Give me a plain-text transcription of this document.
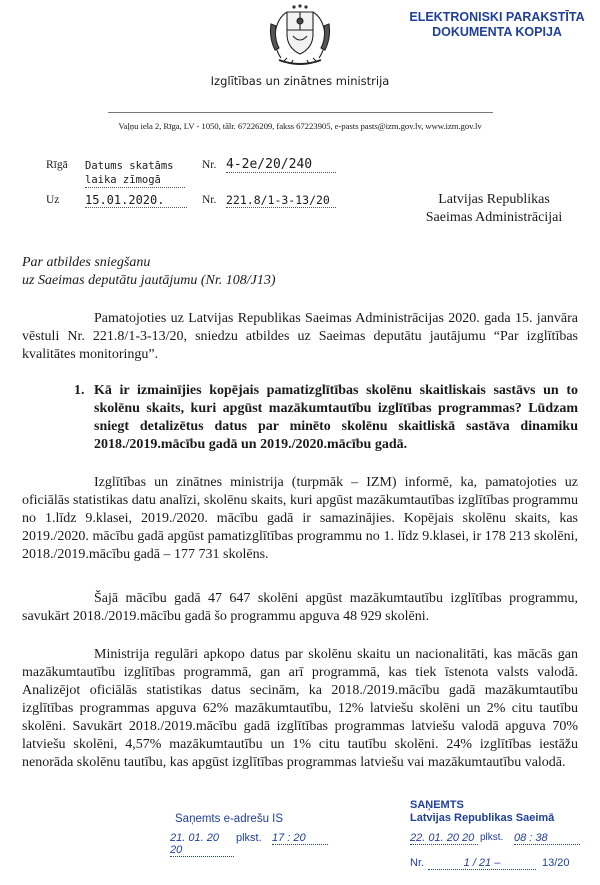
Izglītības un zinātnes ministrija
ELEKTRONISKI PARAKSTĪTA
DOKUMENTA KOPIJA
Vaļņu iela 2, Rīga, LV - 1050, tālr. 67226209, fakss 67223905, e-pasts pasts@izm.gov.lv, www.izm.gov.lv
Rīgā Datums skatāms laika zīmogā
Nr. 4-2e/20/240
Uz 15.01.2020.	Nr. 221.8/1-3-13/20	Latvijas Republikas
Saeimas Administrācijai
Par atbildes sniegšanu
uz Saeimas deputātu jautājumu (Nr. 108/J13)
Pamatojoties uz Latvijas Republikas Saeimas Administrācijas 2020. gada 15. janvāra vēstuli Nr. 221.8/1-3-13/20, sniedzu atbildes uz Saeimas deputātu jautājumu “Par izglītības kvalitātes monitoringu”.
1. Kā ir izmainījies kopējais pamatizglītības skolēnu skaitliskais sastāvs un to skolēnu skaits, kuri apgūst mazākumtautību izglītības programmas? Lūdzam sniegt detalizētus datus par minēto skolēnu skaitliskā sastāva dinamiku 2018./2019.mācību gadā un 2019./2020.mācību gadā.
Izglītības un zinātnes ministrija (turpmāk – IZM) informē, ka, pamatojoties uz oficiālās statistikas datu analīzi, skolēnu skaits, kuri apgūst mazākumtautības izglītības programmu no 1.līdz 9.klasei, 2019./2020. mācību gadā ir samazinājies. Kopējais skolēnu skaits, kas 2019./2020. mācību gadā apgūst pamatizglītības programmu no 1. līdz 9.klasei, ir 178 213 skolēni, 2018./2019.mācību gadā – 177 731 skolēns.
Šajā mācību gadā 47 647 skolēni apgūst mazākumtautību izglītības programmu, savukārt 2018./2019.mācību gadā šo programmu apguva 48 929 skolēni.
Ministrija regulāri apkopo datus par skolēnu skaitu un nacionalitāti, kas mācās gan mazākumtautību izglītības programmā, gan arī programmā, kas tiek īstenota valsts valodā. Analizējot oficiālās statistikas datus secinām, ka 2018./2019.mācību gadā mazākumtautību izglītības programmas apguva 62% mazākumtautību, 12% latviešu skolēni un 2% citu tautību skolēni. Savukārt 2018./2019.mācību gadā izglītības programmas latviešu valodā apguva 70% latviešu skolēni, 4,57% mazākumtautību un 1% citu tautību skolēni. 24% izglītības iestāžu nenorāda skolēnu tautību, kas apgūst izglītības programmas latviešu vai mazākumtautību valodā.
Saņemts e-adrešu IS
21. 01. 20 20
plkst. 17 : 20
SAŅEMTS
Latvijas Republikas Saeimā
22. 01. 20 20 plkst. 08 : 38
Nr.	1 / 21 –	13/20
